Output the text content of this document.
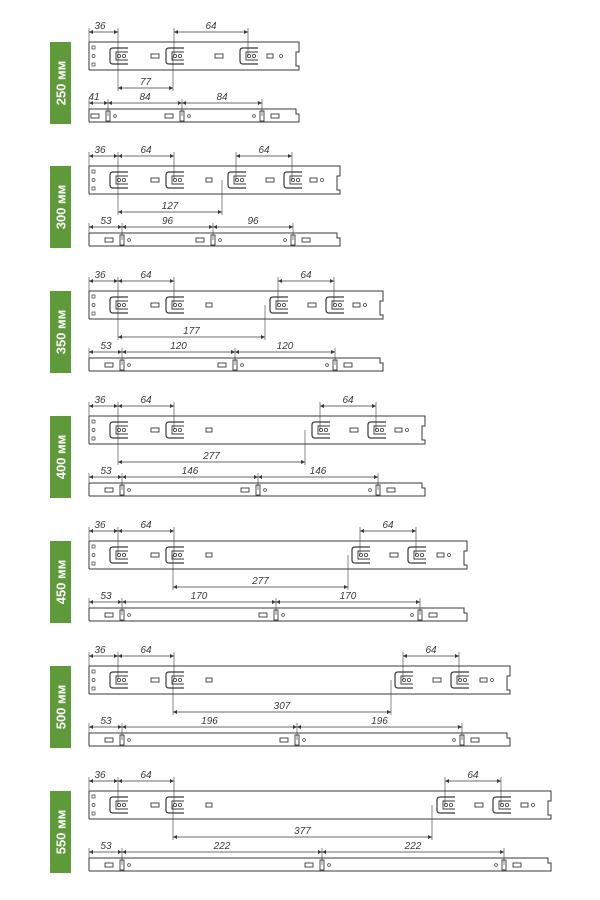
36	64
77
41	84	84
36	64	64
127
53	96	96
36	64	64
177
53	120	120
36	64	64
277
53	146	146
36	64	64
277
53	170	170
36	64	64
307
53	196	196
36	64	64
377
53	222	222
250 мм
300 мм
350 мм
400 мм
450 мм
500 мм
550 мм
